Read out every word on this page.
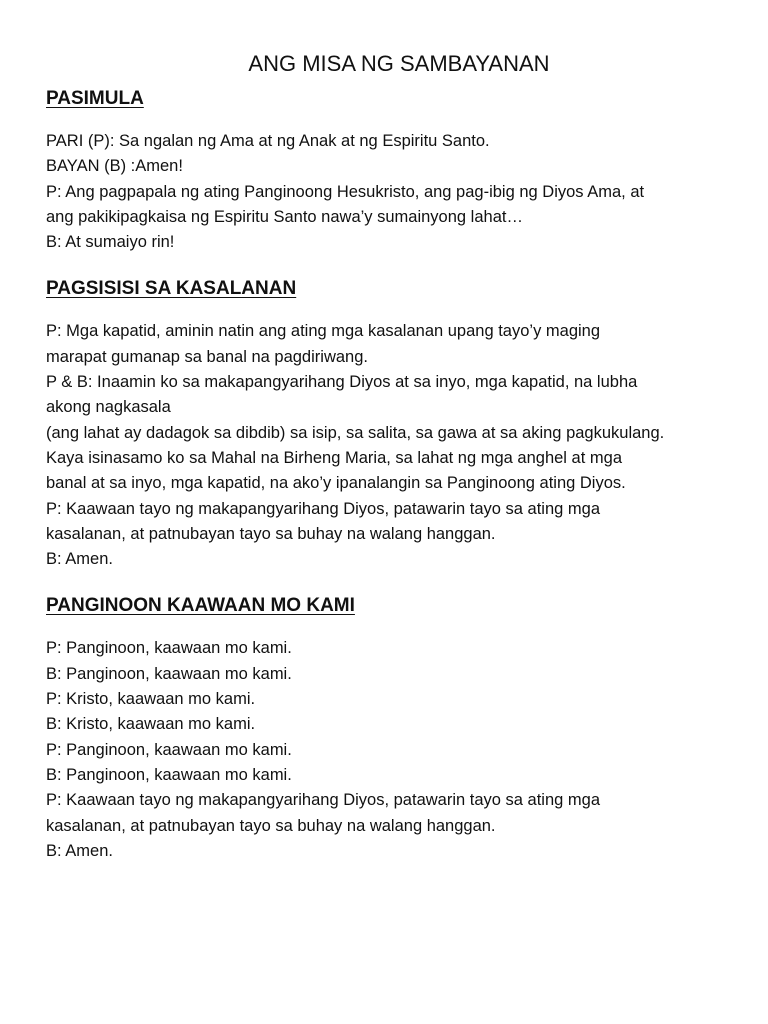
ANG MISA NG SAMBAYANAN
PASIMULA
PARI (P): Sa ngalan ng Ama at ng Anak at ng Espiritu Santo.
BAYAN (B) :Amen!
P: Ang pagpapala ng ating Panginoong Hesukristo, ang pag-ibig ng Diyos Ama, at
ang pakikipagkaisa ng Espiritu Santo nawa’y sumainyong lahat…
B: At sumaiyo rin!
PAGSISISI SA KASALANAN
P: Mga kapatid, aminin natin ang ating mga kasalanan upang tayo’y maging
marapat gumanap sa banal na pagdiriwang.
P & B: Inaamin ko sa makapangyarihang Diyos at sa inyo, mga kapatid, na lubha
akong nagkasala
(ang lahat ay dadagok sa dibdib) sa isip, sa salita, sa gawa at sa aking pagkukulang.
Kaya isinasamo ko sa Mahal na Birheng Maria, sa lahat ng mga anghel at mga
banal at sa inyo, mga kapatid, na ako’y ipanalangin sa Panginoong ating Diyos.
P: Kaawaan tayo ng makapangyarihang Diyos, patawarin tayo sa ating mga
kasalanan, at patnubayan tayo sa buhay na walang hanggan.
B: Amen.
PANGINOON KAAWAAN MO KAMI
P: Panginoon, kaawaan mo kami.
B: Panginoon, kaawaan mo kami.
P: Kristo, kaawaan mo kami.
B: Kristo, kaawaan mo kami.
P: Panginoon, kaawaan mo kami.
B: Panginoon, kaawaan mo kami.
P: Kaawaan tayo ng makapangyarihang Diyos, patawarin tayo sa ating mga
kasalanan, at patnubayan tayo sa buhay na walang hanggan.
B: Amen.
